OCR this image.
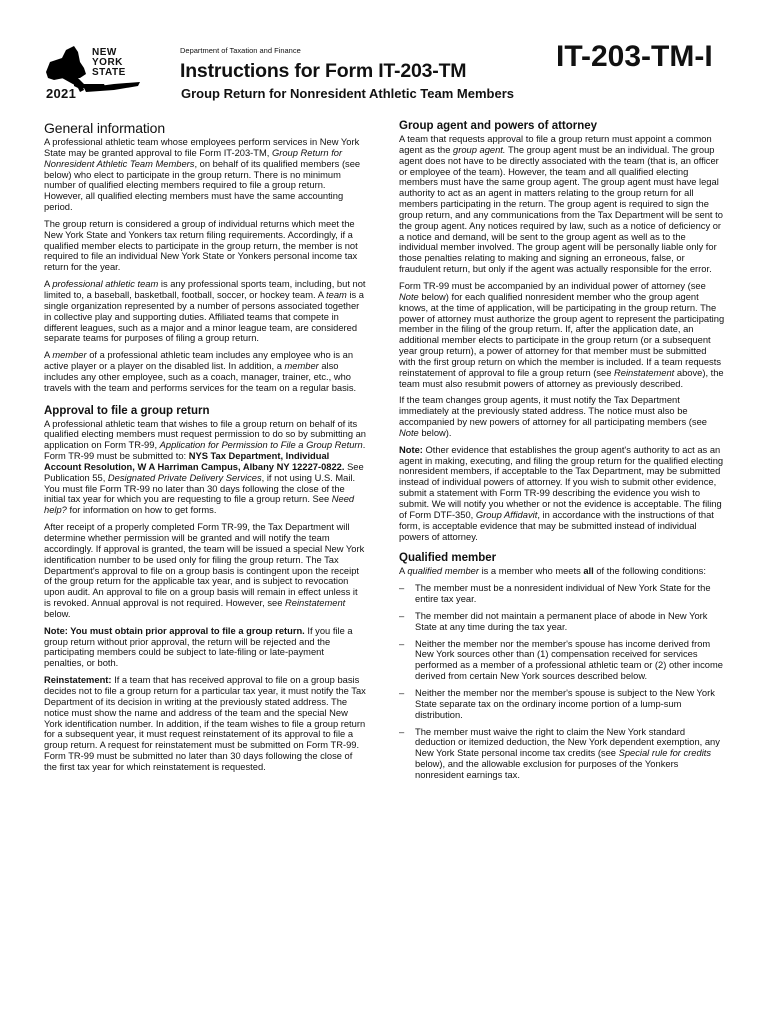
NEW
YORK
STATE
2021
Department of Taxation and Finance
Instructions for Form IT-203-TM	IT-203-TM-I
Group Return for Nonresident Athletic Team Members
General information

A professional athletic team whose employees perform services in New York State may be granted approval to file Form IT-203-TM, Group Return for Nonresident Athletic Team Members, on behalf of its qualified members (see below) who elect to participate in the group return. There is no minimum number of qualified electing members required to file a group return. However, all qualified electing members must have the same accounting period.

The group return is considered a group of individual returns which meet the New York State and Yonkers tax return filing requirements. Accordingly, if a qualified member elects to participate in the group return, the member is not required to file an individual New York State or Yonkers personal income tax return for the year.

A professional athletic team is any professional sports team, including, but not limited to, a baseball, basketball, football, soccer, or hockey team. A team is a single organization represented by a number of persons associated together in collective play and supporting duties. Affiliated teams that compete in different leagues, such as a major and a minor league team, are considered separate teams for purposes of filing a group return.

A member of a professional athletic team includes any employee who is an active player or a player on the disabled list. In addition, a member also includes any other employee, such as a coach, manager, trainer, etc., who travels with the team and performs services for the team on a regular basis.

Approval to file a group return

A professional athletic team that wishes to file a group return on behalf of its qualified electing members must request permission to do so by submitting an application on Form TR-99, Application for Permission to File a Group Return. Form TR-99 must be submitted to: NYS Tax Department, Individual Account Resolution, W A Harriman Campus, Albany NY 12227-0822. See Publication 55, Designated Private Delivery Services, if not using U.S. Mail. You must file Form TR-99 no later than 30 days following the close of the initial tax year for which you are requesting to file a group return. See Need help? for information on how to get forms.

After receipt of a properly completed Form TR-99, the Tax Department will determine whether permission will be granted and will notify the team accordingly. If approval is granted, the team will be issued a special New York identification number to be used only for filing the group return. The Tax Department's approval to file on a group basis is contingent upon the receipt of the group return for the applicable tax year, and is subject to revocation upon audit. An approval to file on a group basis will remain in effect unless it is revoked. Annual approval is not required. However, see Reinstatement below.

Note: You must obtain prior approval to file a group return. If you file a group return without prior approval, the return will be rejected and the participating members could be subject to late-filing or late-payment penalties, or both.

Reinstatement: If a team that has received approval to file on a group basis decides not to file a group return for a particular tax year, it must notify the Tax Department of its decision in writing at the previously stated address. The notice must show the name and address of the team and the special New York identification number. In addition, if the team wishes to file a group return for a subsequent year, it must request reinstatement of its approval to file a group return. A request for reinstatement must be submitted on Form TR-99. Form TR-99 must be submitted no later than 30 days following the close of the first tax year for which reinstatement is requested.

Group agent and powers of attorney

A team that requests approval to file a group return must appoint a common agent as the group agent. The group agent must be an individual. The group agent does not have to be directly associated with the team (that is, an officer or employee of the team). However, the team and all qualified electing members must have the same group agent. The group agent must have legal authority to act as an agent in matters relating to the group return for all members participating in the return. The group agent is required to sign the group return, and any communications from the Tax Department will be sent to the group agent. Any notices required by law, such as a notice of deficiency or a notice and demand, will be sent to the group agent as well as to the individual member involved. The group agent will be personally liable only for those penalties relating to making and signing an erroneous, false, or fraudulent return, but only if the agent was actually responsible for the error.

Form TR-99 must be accompanied by an individual power of attorney (see Note below) for each qualified nonresident member who the group agent knows, at the time of application, will be participating in the group return. The power of attorney must authorize the group agent to represent the participating member in the filing of the group return. If, after the application date, an additional member elects to participate in the group return (or a subsequent year group return), a power of attorney for that member must be submitted with the first group return on which the member is included. If a team requests reinstatement of approval to file a group return (see Reinstatement above), the team must also resubmit powers of attorney as previously described.

If the team changes group agents, it must notify the Tax Department immediately at the previously stated address. The notice must also be accompanied by new powers of attorney for all participating members (see Note below).

Note: Other evidence that establishes the group agent's authority to act as an agent in making, executing, and filing the group return for the qualified electing nonresident members, if acceptable to the Tax Department, may be submitted instead of individual powers of attorney. If you wish to submit other evidence, submit a statement with Form TR-99 describing the evidence you wish to submit. We will notify you whether or not the evidence is acceptable. The filing of Form DTF-350, Group Affidavit, in accordance with the instructions of that form, is acceptable evidence that may be submitted instead of individual powers of attorney.

Qualified member

A qualified member is a member who meets all of the following conditions:

– The member must be a nonresident individual of New York State for the entire tax year.
– The member did not maintain a permanent place of abode in New York State at any time during the tax year.
– Neither the member nor the member's spouse has income derived from New York sources other than (1) compensation received for services performed as a member of a professional athletic team or (2) other income derived from certain New York sources described below.
– Neither the member nor the member's spouse is subject to the New York State separate tax on the ordinary income portion of a lump-sum distribution.
– The member must waive the right to claim the New York standard deduction or itemized deduction, the New York dependent exemption, any New York State personal income tax credits (see Special rule for credits below), and the allowable exclusion for purposes of the Yonkers nonresident earnings tax.
